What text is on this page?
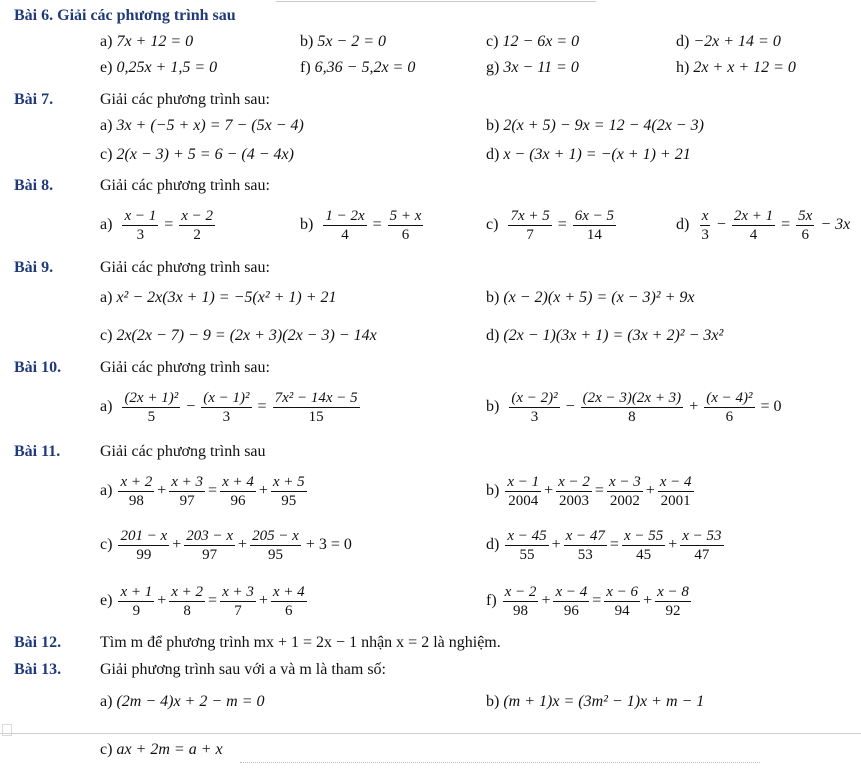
Bài 6. Giải các phương trình sau
a) 7x + 12 = 0	b) 5x − 2 = 0	c) 12 − 6x = 0	d) −2x + 14 = 0
e) 0,25x + 1,5 = 0	f) 6,36 − 5,2x = 0	g) 3x − 11 = 0	h) 2x + x + 12 = 0
Bài 7.	Giải các phương trình sau:
a) 3x + (−5 + x) = 7 − (5x − 4)	b) 2(x + 5) − 9x = 12 − 4(2x − 3)
c) 2(x − 3) + 5 = 6 − (4 − 4x)	d) x − (3x + 1) = −(x + 1) + 21
Bài 8.	Giải các phương trình sau:
$a) \frac{x - 1}{3} = \frac{x - 2}{2}$	$b) \frac{1 - 2x}{4} = \frac{5 + x}{6}$	$c) \frac{7x + 5}{7} = \frac{6x - 5}{14}$	$d) \frac{x}{3} - \frac{2x + 1}{4} = \frac{5x}{6} - 3x$
Bài 9.	Giải các phương trình sau:
a) x² − 2x(3x + 1) = −5(x² + 1) + 21	b) (x − 2)(x + 5) = (x − 3)² + 9x
c) 2x(2x − 7) − 9 = (2x + 3)(2x − 3) − 14x	d) (2x − 1)(3x + 1) = (3x + 2)² − 3x²
Bài 10. Giải các phương trình sau:
$a) \frac{\text{(2x + 1)²}}{5} - \frac{\text{(x − 1)²}}{3} = \frac{\text{7x² − 14x − 5}}{15}$	$b) \frac{\text{(x − 2)²}}{3} - \frac{(2x - 3)(2x + 3)}{8} + \frac{\text{(x − 4)²}}{6} = 0$
Bài 11. Giải các phương trình sau
$a) \frac{x + 2}{98} + \frac{x + 3}{97} = \frac{x + 4}{96} + \frac{x + 5}{95}$	$b) \frac{x - 1}{2004} + \frac{x - 2}{2003} = \frac{x - 3}{2002} + \frac{x - 4}{2001}$
$c) \frac{201 - x}{99} + \frac{203 - x}{97} + \frac{205 - x}{95} + 3 = 0$	$d) \frac{x - 45}{55} + \frac{x - 47}{53} = \frac{x - 55}{45} + \frac{x - 53}{47}$
$e) \frac{x + 1}{9} + \frac{x + 2}{8} = \frac{x + 3}{7} + \frac{x + 4}{6}$	$f) \frac{x - 2}{98} + \frac{x - 4}{96} = \frac{x - 6}{94} + \frac{x - 8}{92}$
Bài 12. Tìm m để phương trình mx + 1 = 2x − 1 nhận x = 2 là nghiệm.
Bài 13. Giải phương trình sau với a và m là tham số:
a) (2m − 4)x + 2 − m = 0	b) (m + 1)x = (3m² − 1)x + m − 1
c) ax + 2m = a + x
